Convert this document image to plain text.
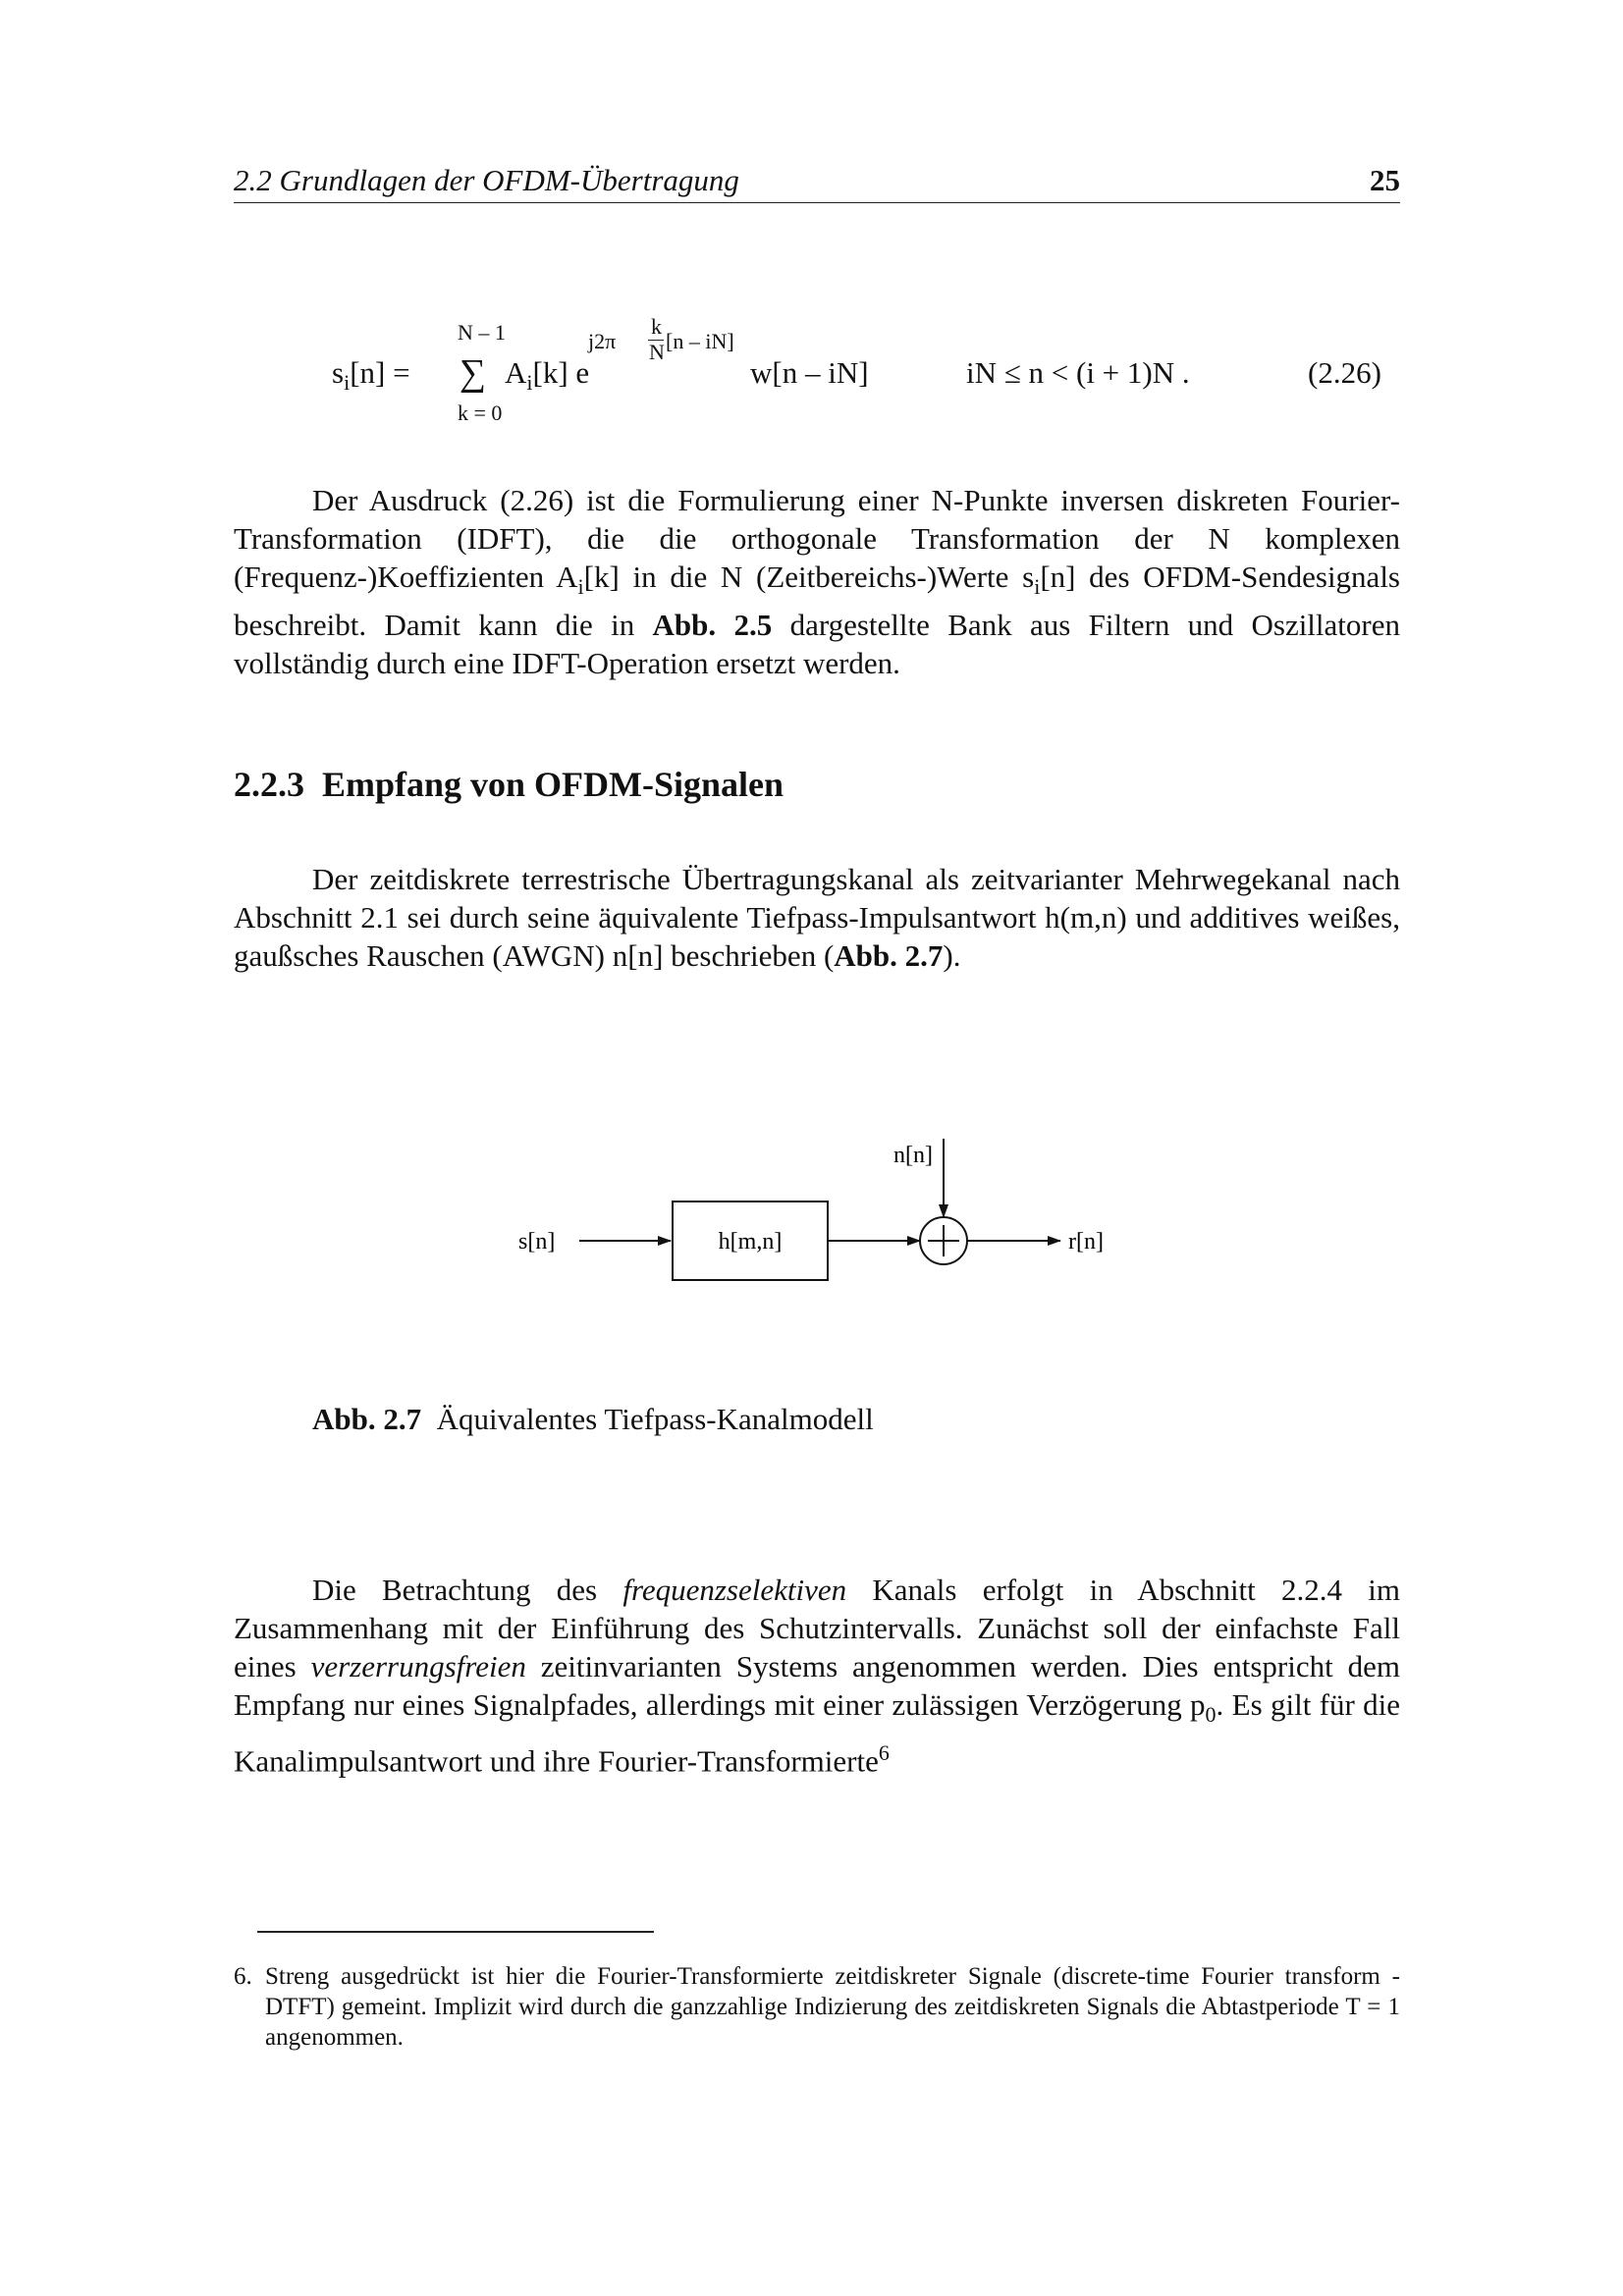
2.2 Grundlagen der OFDM-Übertragung	25
$s_i[n]$ =
N – 1
∑
k = 0
$A_i[k]$ e
j2π
k
N [n – iN]
w[n – iN]	iN ≤ n < (i + 1)N .	(2.26)
Der Ausdruck (2.26) ist die Formulierung einer N-Punkte inversen diskreten Fourier-Transformation (IDFT), die die orthogonale Transformation der N komplexen (Frequenz-)Koeffizienten $A_i[k]$ in die N (Zeitbereichs-)Werte $s_i[n]$ des OFDM-Sendesignals beschreibt. Damit kann die in Abb. 2.5 dargestellte Bank aus Filtern und Oszillatoren vollständig durch eine IDFT-Operation ersetzt werden.
2.2.3  Empfang von OFDM-Signalen
Der zeitdiskrete terrestrische Übertragungskanal als zeitvarianter Mehrwegekanal nach Abschnitt 2.1 sei durch seine äquivalente Tiefpass-Impulsantwort h(m,n) und additives weißes, gaußsches Rauschen (AWGN) n[n] beschrieben (Abb. 2.7).
s[n]	h[m,n]
n[n]
r[n]
Abb. 2.7 Äquivalentes Tiefpass-Kanalmodell
Die Betrachtung des frequenzselektiven Kanals erfolgt in Abschnitt 2.2.4 im Zusammenhang mit der Einführung des Schutzintervalls. Zunächst soll der einfachste Fall eines verzerrungsfreien zeitinvarianten Systems angenommen werden. Dies entspricht dem Empfang nur eines Signalpfades, allerdings mit einer zulässigen Verzögerung $p_0$. Es gilt für die Kanalimpulsantwort und ihre Fourier-Transformierte$^6$
6. Streng ausgedrückt ist hier die Fourier-Transformierte zeitdiskreter Signale (discrete-time Fourier transform - DTFT) gemeint. Implizit wird durch die ganzzahlige Indizierung des zeitdiskreten Signals die Abtastperiode T = 1 angenommen.
